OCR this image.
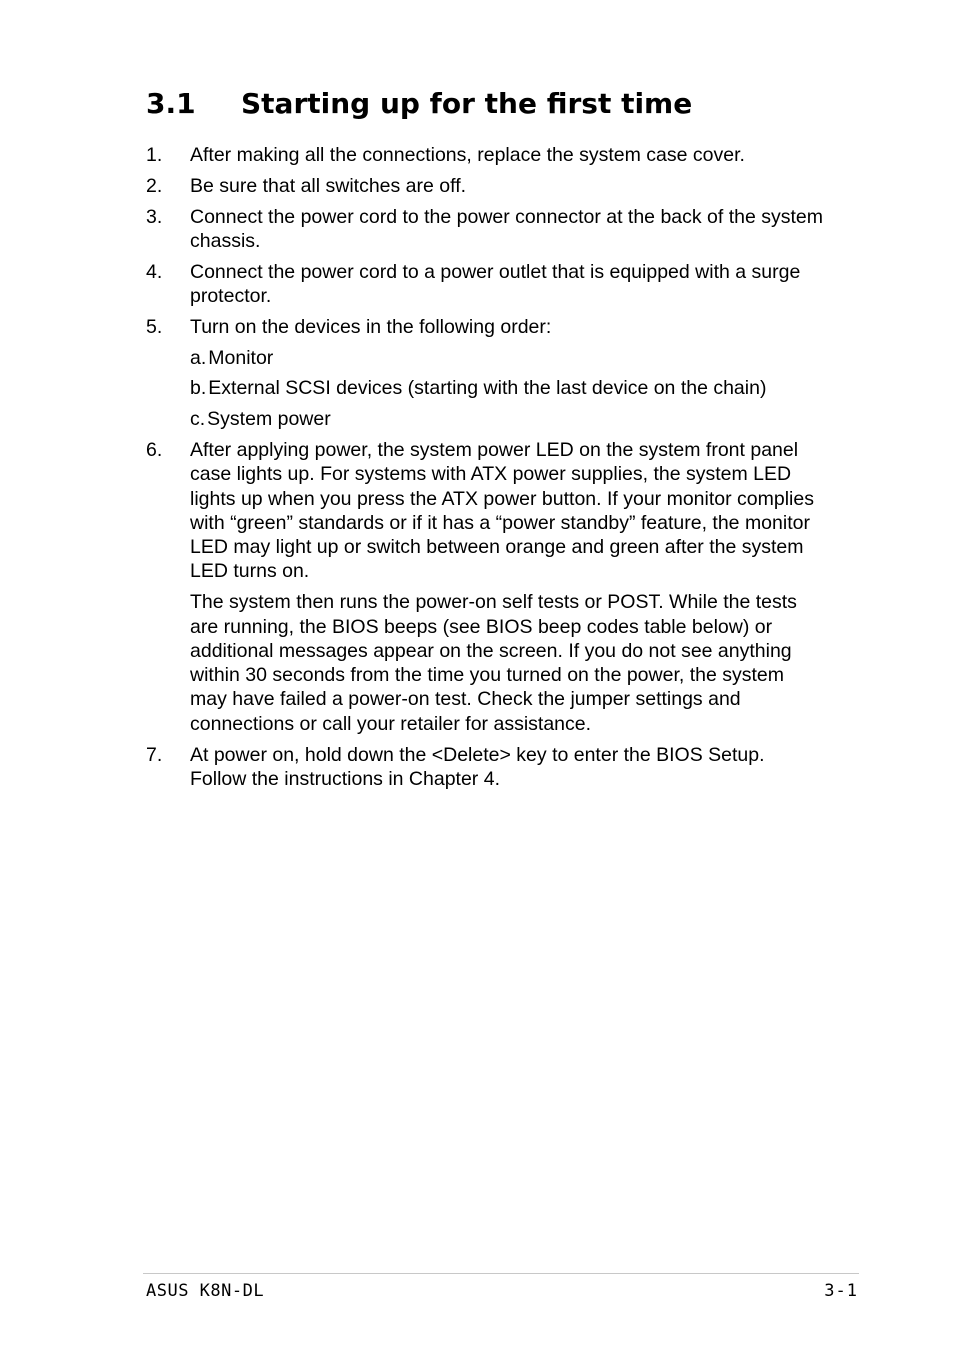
3.1 Starting up for the first time
1. After making all the connections, replace the system case cover.

2. Be sure that all switches are off.

3. Connect the power cord to the power connector at the back of the system chassis.

4. Connect the power cord to a power outlet that is equipped with a surge protector.

5. Turn on the devices in the following order:

a. Monitor
b. External SCSI devices (starting with the last device on the chain)
c. System power
6. After applying power, the system power LED on the system front panel case lights up. For systems with ATX power supplies, the system LED lights up when you press the ATX power button. If your monitor complies with “green” standards or if it has a “power standby” feature, the monitor LED may light up or switch between orange and green after the system LED turns on.

The system then runs the power-on self tests or POST. While the tests are running, the BIOS beeps (see BIOS beep codes table below) or additional messages appear on the screen. If you do not see anything within 30 seconds from the time you turned on the power, the system may have failed a power-on test. Check the jumper settings and connections or call your retailer for assistance.

7. At power on, hold down the <Delete> key to enter the BIOS Setup. Follow the instructions in Chapter 4.

ASUS K8N-DL	3-1
